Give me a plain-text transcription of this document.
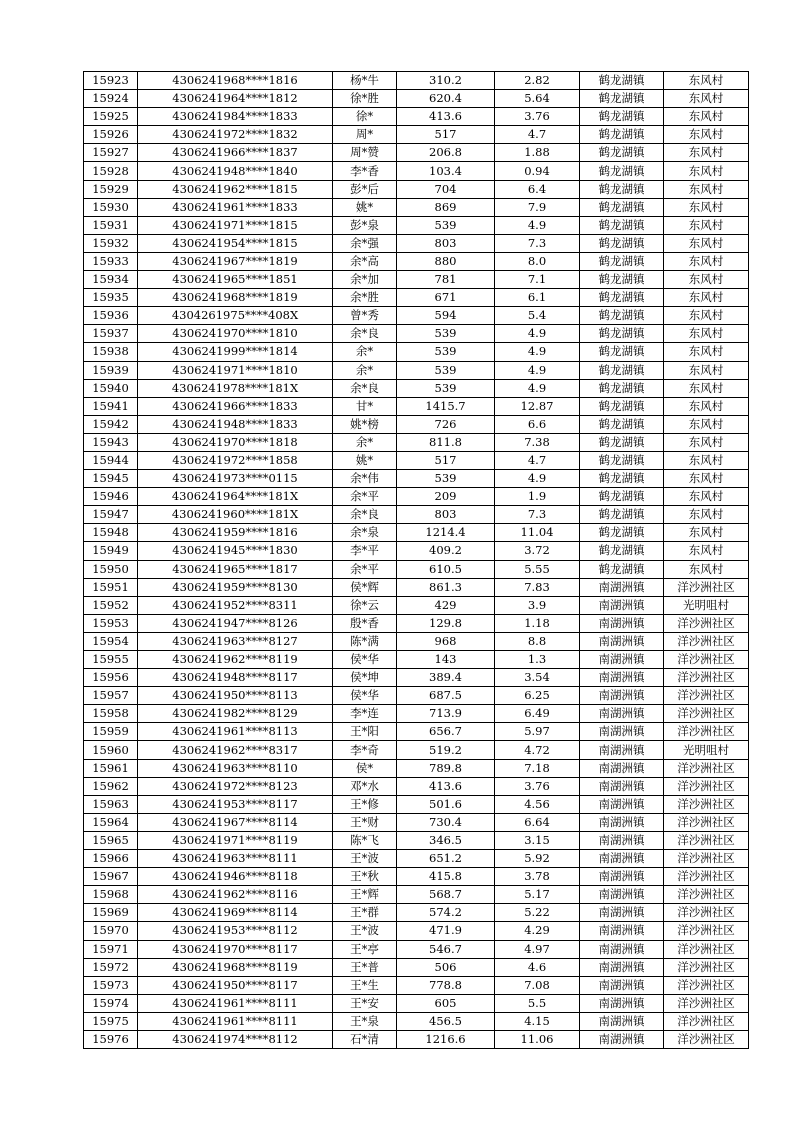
15923	4306241968****1816	杨*牛	310.2	2.82	鹤龙湖镇	东风村
15924	4306241964****1812	徐*胜	620.4	5.64	鹤龙湖镇	东风村
15925	4306241984****1833	徐*	413.6	3.76	鹤龙湖镇	东风村
15926	4306241972****1832	周*	517	4.7	鹤龙湖镇	东风村
15927	4306241966****1837	周*赞	206.8	1.88	鹤龙湖镇	东风村
15928	4306241948****1840	李*香	103.4	0.94	鹤龙湖镇	东风村
15929	4306241962****1815	彭*后	704	6.4	鹤龙湖镇	东风村
15930	4306241961****1833	姚*	869	7.9	鹤龙湖镇	东风村
15931	4306241971****1815	彭*泉	539	4.9	鹤龙湖镇	东风村
15932	4306241954****1815	余*强	803	7.3	鹤龙湖镇	东风村
15933	4306241967****1819	余*高	880	8.0	鹤龙湖镇	东风村
15934	4306241965****1851	余*加	781	7.1	鹤龙湖镇	东风村
15935	4306241968****1819	余*胜	671	6.1	鹤龙湖镇	东风村
15936	4304261975****408X	曾*秀	594	5.4	鹤龙湖镇	东风村
15937	4306241970****1810	余*良	539	4.9	鹤龙湖镇	东风村
15938	4306241999****1814	余*	539	4.9	鹤龙湖镇	东风村
15939	4306241971****1810	余*	539	4.9	鹤龙湖镇	东风村
15940	4306241978****181X	余*良	539	4.9	鹤龙湖镇	东风村
15941	4306241966****1833	甘*	1415.7	12.87	鹤龙湖镇	东风村
15942	4306241948****1833	姚*榜	726	6.6	鹤龙湖镇	东风村
15943	4306241970****1818	余*	811.8	7.38	鹤龙湖镇	东风村
15944	4306241972****1858	姚*	517	4.7	鹤龙湖镇	东风村
15945	4306241973****0115	余*伟	539	4.9	鹤龙湖镇	东风村
15946	4306241964****181X	余*平	209	1.9	鹤龙湖镇	东风村
15947	4306241960****181X	余*良	803	7.3	鹤龙湖镇	东风村
15948	4306241959****1816	余*泉	1214.4	11.04	鹤龙湖镇	东风村
15949	4306241945****1830	李*平	409.2	3.72	鹤龙湖镇	东风村
15950	4306241965****1817	余*平	610.5	5.55	鹤龙湖镇	东风村
15951	4306241959****8130	侯*辉	861.3	7.83	南湖洲镇	洋沙洲社区
15952	4306241952****8311	徐*云	429	3.9	南湖洲镇	光明咀村
15953	4306241947****8126	殷*香	129.8	1.18	南湖洲镇	洋沙洲社区
15954	4306241963****8127	陈*满	968	8.8	南湖洲镇	洋沙洲社区
15955	4306241962****8119	侯*华	143	1.3	南湖洲镇	洋沙洲社区
15956	4306241948****8117	侯*坤	389.4	3.54	南湖洲镇	洋沙洲社区
15957	4306241950****8113	侯*华	687.5	6.25	南湖洲镇	洋沙洲社区
15958	4306241982****8129	李*连	713.9	6.49	南湖洲镇	洋沙洲社区
15959	4306241961****8113	王*阳	656.7	5.97	南湖洲镇	洋沙洲社区
15960	4306241962****8317	李*奇	519.2	4.72	南湖洲镇	光明咀村
15961	4306241963****8110	侯*	789.8	7.18	南湖洲镇	洋沙洲社区
15962	4306241972****8123	邓*水	413.6	3.76	南湖洲镇	洋沙洲社区
15963	4306241953****8117	王*修	501.6	4.56	南湖洲镇	洋沙洲社区
15964	4306241967****8114	王*财	730.4	6.64	南湖洲镇	洋沙洲社区
15965	4306241971****8119	陈*飞	346.5	3.15	南湖洲镇	洋沙洲社区
15966	4306241963****8111	王*波	651.2	5.92	南湖洲镇	洋沙洲社区
15967	4306241946****8118	王*秋	415.8	3.78	南湖洲镇	洋沙洲社区
15968	4306241962****8116	王*辉	568.7	5.17	南湖洲镇	洋沙洲社区
15969	4306241969****8114	王*群	574.2	5.22	南湖洲镇	洋沙洲社区
15970	4306241953****8112	王*波	471.9	4.29	南湖洲镇	洋沙洲社区
15971	4306241970****8117	王*亭	546.7	4.97	南湖洲镇	洋沙洲社区
15972	4306241968****8119	王*普	506	4.6	南湖洲镇	洋沙洲社区
15973	4306241950****8117	王*生	778.8	7.08	南湖洲镇	洋沙洲社区
15974	4306241961****8111	王*安	605	5.5	南湖洲镇	洋沙洲社区
15975	4306241961****8111	王*泉	456.5	4.15	南湖洲镇	洋沙洲社区
15976	4306241974****8112	石*清	1216.6	11.06	南湖洲镇	洋沙洲社区
